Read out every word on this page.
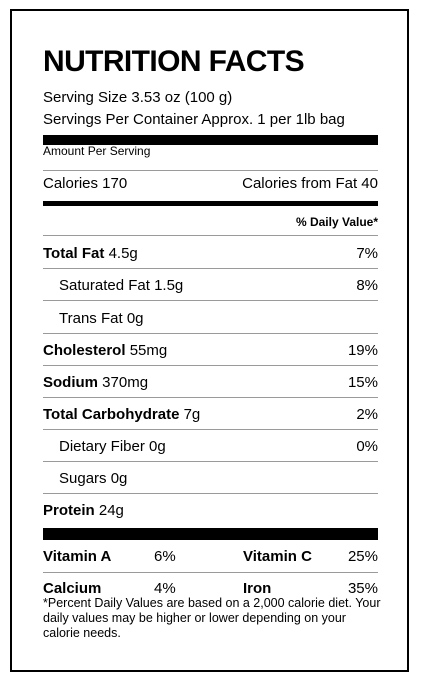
NUTRITION FACTS
Serving Size 3.53 oz (100 g)
Servings Per Container Approx. 1 per 1lb bag
Amount Per Serving
Calories 170	Calories from Fat 40
% Daily Value*
Total Fat 4.5g	7%
Saturated Fat 1.5g	8%
Trans Fat 0g
Cholesterol 55mg	19%
Sodium 370mg	15%
Total Carbohydrate 7g	2%
Dietary Fiber 0g	0%
Sugars 0g
Protein 24g
Vitamin A	6%	Vitamin C 25%
Calcium	4%	Iron	35%
*Percent Daily Values are based on a 2,000 calorie diet. Your daily values may be higher or lower depending on your calorie needs.
